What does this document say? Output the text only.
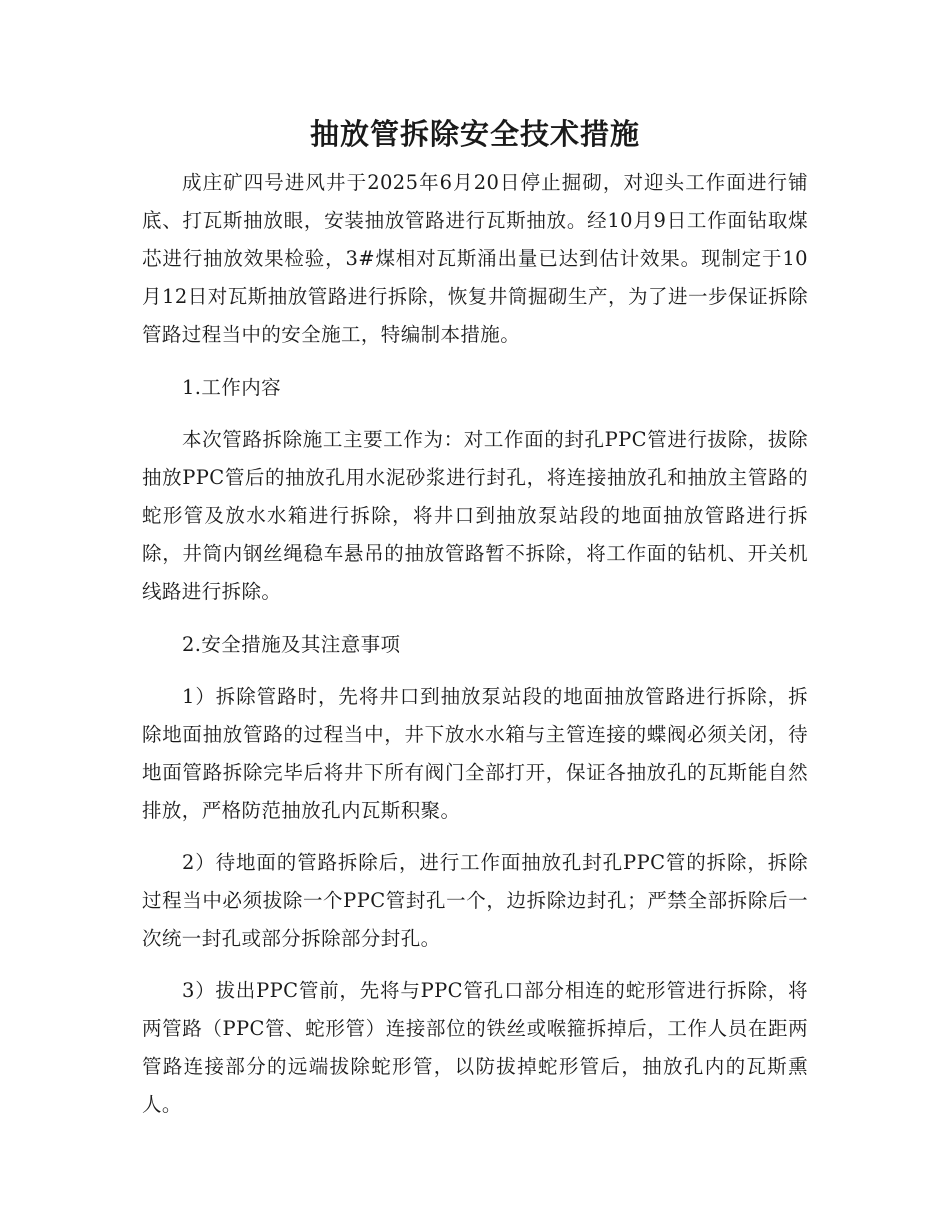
抽放管拆除安全技术措施

成庄矿四号进风井于2025年6月20日停止掘砌，对迎头工作面进行铺底、打瓦斯抽放眼，安装抽放管路进行瓦斯抽放。经10月9日工作面钻取煤芯进行抽放效果检验，3#煤相对瓦斯涌出量已达到估计效果。现制定于10月12日对瓦斯抽放管路进行拆除，恢复井筒掘砌生产，为了进一步保证拆除管路过程当中的安全施工，特编制本措施。

1.工作内容

本次管路拆除施工主要工作为：对工作面的封孔PPC管进行拔除，拔除抽放PPC管后的抽放孔用水泥砂浆进行封孔，将连接抽放孔和抽放主管路的蛇形管及放水水箱进行拆除，将井口到抽放泵站段的地面抽放管路进行拆除，井筒内钢丝绳稳车悬吊的抽放管路暂不拆除，将工作面的钻机、开关机线路进行拆除。

2.安全措施及其注意事项

1）拆除管路时，先将井口到抽放泵站段的地面抽放管路进行拆除，拆除地面抽放管路的过程当中，井下放水水箱与主管连接的蝶阀必须关闭，待地面管路拆除完毕后将井下所有阀门全部打开，保证各抽放孔的瓦斯能自然排放，严格防范抽放孔内瓦斯积聚。

2）待地面的管路拆除后，进行工作面抽放孔封孔PPC管的拆除，拆除过程当中必须拔除一个PPC管封孔一个，边拆除边封孔；严禁全部拆除后一次统一封孔或部分拆除部分封孔。

3）拔出PPC管前，先将与PPC管孔口部分相连的蛇形管进行拆除，将两管路（PPC管、蛇形管）连接部位的铁丝或喉箍拆掉后，工作人员在距两管路连接部分的远端拔除蛇形管，以防拔掉蛇形管后，抽放孔内的瓦斯熏人。
